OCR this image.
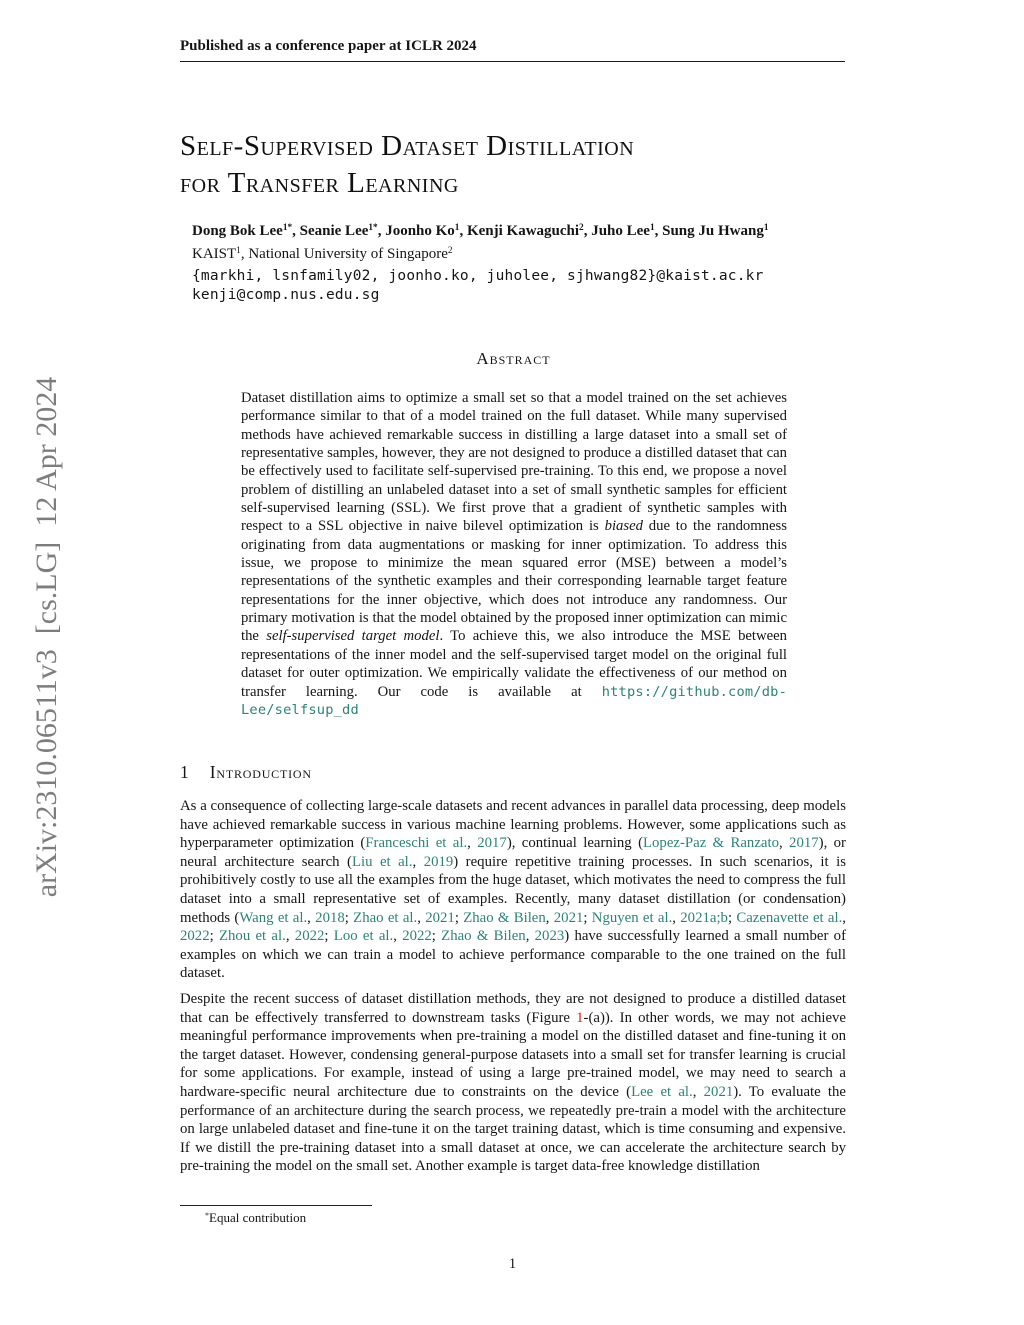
Published as a conference paper at ICLR 2024
arXiv:2310.06511v3  [cs.LG]  12 Apr 2024
Self-Supervised Dataset Distillation
for Transfer Learning
Dong Bok Lee$^{1*}$, Seanie Lee$^{1*}$, Joonho Ko$^1$, Kenji Kawaguchi$^2$, Juho Lee$^1$, Sung Ju Hwang$^1$
KAIST$^1$, National University of Singapore$^2$
{markhi, lsnfamily02, joonho.ko, juholee, sjhwang82}@kaist.ac.kr
kenji@comp.nus.edu.sg
Abstract
Dataset distillation aims to optimize a small set so that a model trained on the set achieves performance similar to that of a model trained on the full dataset. While many supervised methods have achieved remarkable success in distilling a large dataset into a small set of representative samples, however, they are not designed to produce a distilled dataset that can be effectively used to facilitate self-supervised pre-training. To this end, we propose a novel problem of distilling an unlabeled dataset into a set of small synthetic samples for efficient self-supervised learning (SSL). We first prove that a gradient of synthetic samples with respect to a SSL objective in naive bilevel optimization is biased due to the randomness originating from data augmentations or masking for inner optimization. To address this issue, we propose to minimize the mean squared error (MSE) between a model’s representations of the synthetic examples and their corresponding learnable target feature representations for the inner objective, which does not introduce any randomness. Our primary motivation is that the model obtained by the proposed inner optimization can mimic the self-supervised target model. To achieve this, we also introduce the MSE between representations of the inner model and the self-supervised target model on the original full dataset for outer optimization. We empirically validate the effectiveness of our method on transfer learning. Our code is available at https://github.com/db-Lee/selfsup_dd
1 Introduction
As a consequence of collecting large-scale datasets and recent advances in parallel data processing, deep models have achieved remarkable success in various machine learning problems. However, some applications such as hyperparameter optimization (Franceschi et al., 2017), continual learning (Lopez-Paz & Ranzato, 2017), or neural architecture search (Liu et al., 2019) require repetitive training processes. In such scenarios, it is prohibitively costly to use all the examples from the huge dataset, which motivates the need to compress the full dataset into a small representative set of examples. Recently, many dataset distillation (or condensation) methods (Wang et al., 2018; Zhao et al., 2021; Zhao & Bilen, 2021; Nguyen et al., 2021a;b; Cazenavette et al., 2022; Zhou et al., 2022; Loo et al., 2022; Zhao & Bilen, 2023) have successfully learned a small number of examples on which we can train a model to achieve performance comparable to the one trained on the full dataset.
Despite the recent success of dataset distillation methods, they are not designed to produce a distilled dataset that can be effectively transferred to downstream tasks (Figure 1-(a)). In other words, we may not achieve meaningful performance improvements when pre-training a model on the distilled dataset and fine-tuning it on the target dataset. However, condensing general-purpose datasets into a small set for transfer learning is crucial for some applications. For example, instead of using a large pre-trained model, we may need to search a hardware-specific neural architecture due to constraints on the device (Lee et al., 2021). To evaluate the performance of an architecture during the search process, we repeatedly pre-train a model with the architecture on large unlabeled dataset and fine-tune it on the target training datast, which is time consuming and expensive. If we distill the pre-training dataset into a small dataset at once, we can accelerate the architecture search by pre-training the model on the small set. Another example is target data-free knowledge distillation
*Equal contribution
1
